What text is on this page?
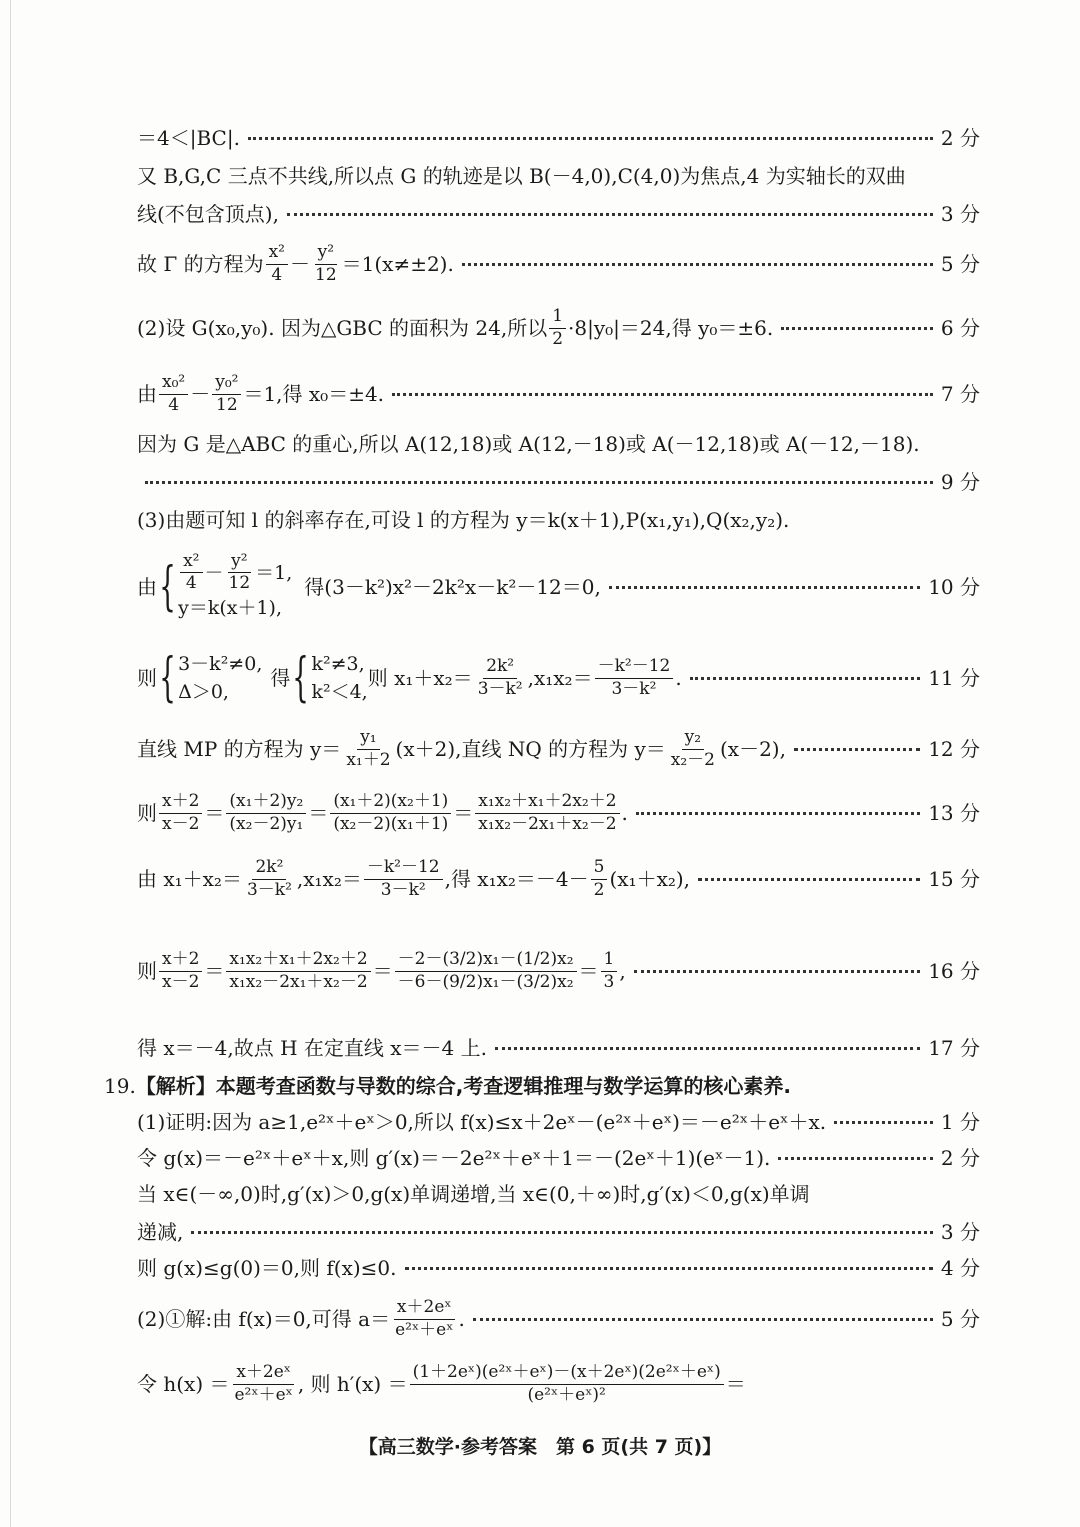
＝4＜|BC|.	2 分
又 B,G,C 三点不共线,所以点 G 的轨迹是以 B(－4,0),C(4,0)为焦点,4 为实轴长的双曲
线(不包含顶点),	3 分
故 Γ 的方程为 $\frac{\text{x²}}{4} - \frac{\text{y²}}{12} =1(x\ne\pm 2)$.	5 分
(2)设 G(x₀,y₀). 因为△GBC 的面积为 24,所以 $\frac{1}{2} \cdot 8|y_0|=24$,得 y₀＝±6.	6 分
由 $\frac{\text{x₀²}}{4} - \frac{\text{y₀²}}{12} =1$,得 x₀＝±4.	7 分
因为 G 是△ABC 的重心,所以 A(12,18)或 A(12,－18)或 A(－12,18)或 A(－12,－18).
9 分
(3)由题可知 l 的斜率存在,可设 l 的方程为 y＝k(x＋1),P(x₁,y₁),Q(x₂,y₂).
由 { $\frac{\text{x²}}{4} - \frac{\text{y²}}{12} =1$,
y＝k(x＋1),
得(3－k²)x²－2k²x－k²－12＝0,	10 分
则 { 3－k²≠0,
Δ＞0,
得 { k²≠3,
k²＜4,
则 $x_1+x_2= \frac{\text{2k²}}{\text{3－k²}} ,x_1x_2= \frac{\text{－k²－12}}{\text{3－k²}}$ .	11 分
直线 MP 的方程为 $y= \frac{\text{y₁}}{\text{x₁＋2}} (x+2)$,直线 NQ 的方程为 $y= \frac{\text{y₂}}{\text{x₂－2}} (x-2)$,	12 分
则 $\frac{x+2}{x-2} = \frac{\text{(x₁＋2)y₂}}{\text{(x₂－2)y₁}} = \frac{\text{(x₁＋2)(x₂＋1)}}{\text{(x₂－2)(x₁＋1)}} = \frac{\text{x₁x₂＋x₁＋2x₂＋2}}{\text{x₁x₂－2x₁＋x₂－2}}$ .	13 分
由 $x_1+x_2= \frac{\text{2k²}}{\text{3－k²}} ,x_1x_2= \frac{\text{－k²－12}}{\text{3－k²}}$ ,得 $x_1x_2=-4- \frac{5}{2} (x_1+x_2)$,	15 分
则 $\frac{x+2}{x-2} = \frac{\text{x₁x₂＋x₁＋2x₂＋2}}{\text{x₁x₂－2x₁＋x₂－2}} = \frac{\text{－2－(3/2)x₁－(1/2)x₂}}{\text{－6－(9/2)x₁－(3/2)x₂}} = \frac{1}{3}$ ,	16 分
得 x＝－4,故点 H 在定直线 x＝－4 上.	17 分
19. 【解析】本题考查函数与导数的综合,考查逻辑推理与数学运算的核心素养.
(1)证明:因为 a≥1,e²ˣ＋eˣ＞0,所以 f(x)≤x＋2eˣ－(e²ˣ＋eˣ)＝－e²ˣ＋eˣ＋x.	1 分
令 g(x)＝－e²ˣ＋eˣ＋x,则 g′(x)＝－2e²ˣ＋eˣ＋1＝－(2eˣ＋1)(eˣ－1).	2 分
当 x∈(－∞,0)时,g′(x)＞0,g(x)单调递增,当 x∈(0,＋∞)时,g′(x)＜0,g(x)单调
递减,	3 分
则 g(x)≤g(0)＝0,则 f(x)≤0.	4 分
(2)①解:由 f(x)＝0,可得 $a= \frac{\text{x＋2eˣ}}{\text{e²ˣ＋eˣ}}$ .	5 分
令 $h(x) = \frac{\text{x＋2eˣ}}{\text{e²ˣ＋eˣ}}$ , 则 $h'(x) = \frac{\text{(1＋2eˣ)(e²ˣ＋eˣ)－(x＋2eˣ)(2e²ˣ＋eˣ)}}{\text{(e²ˣ＋eˣ)²}}$ ＝
【高三数学·参考答案　第 6 页(共 7 页)】
